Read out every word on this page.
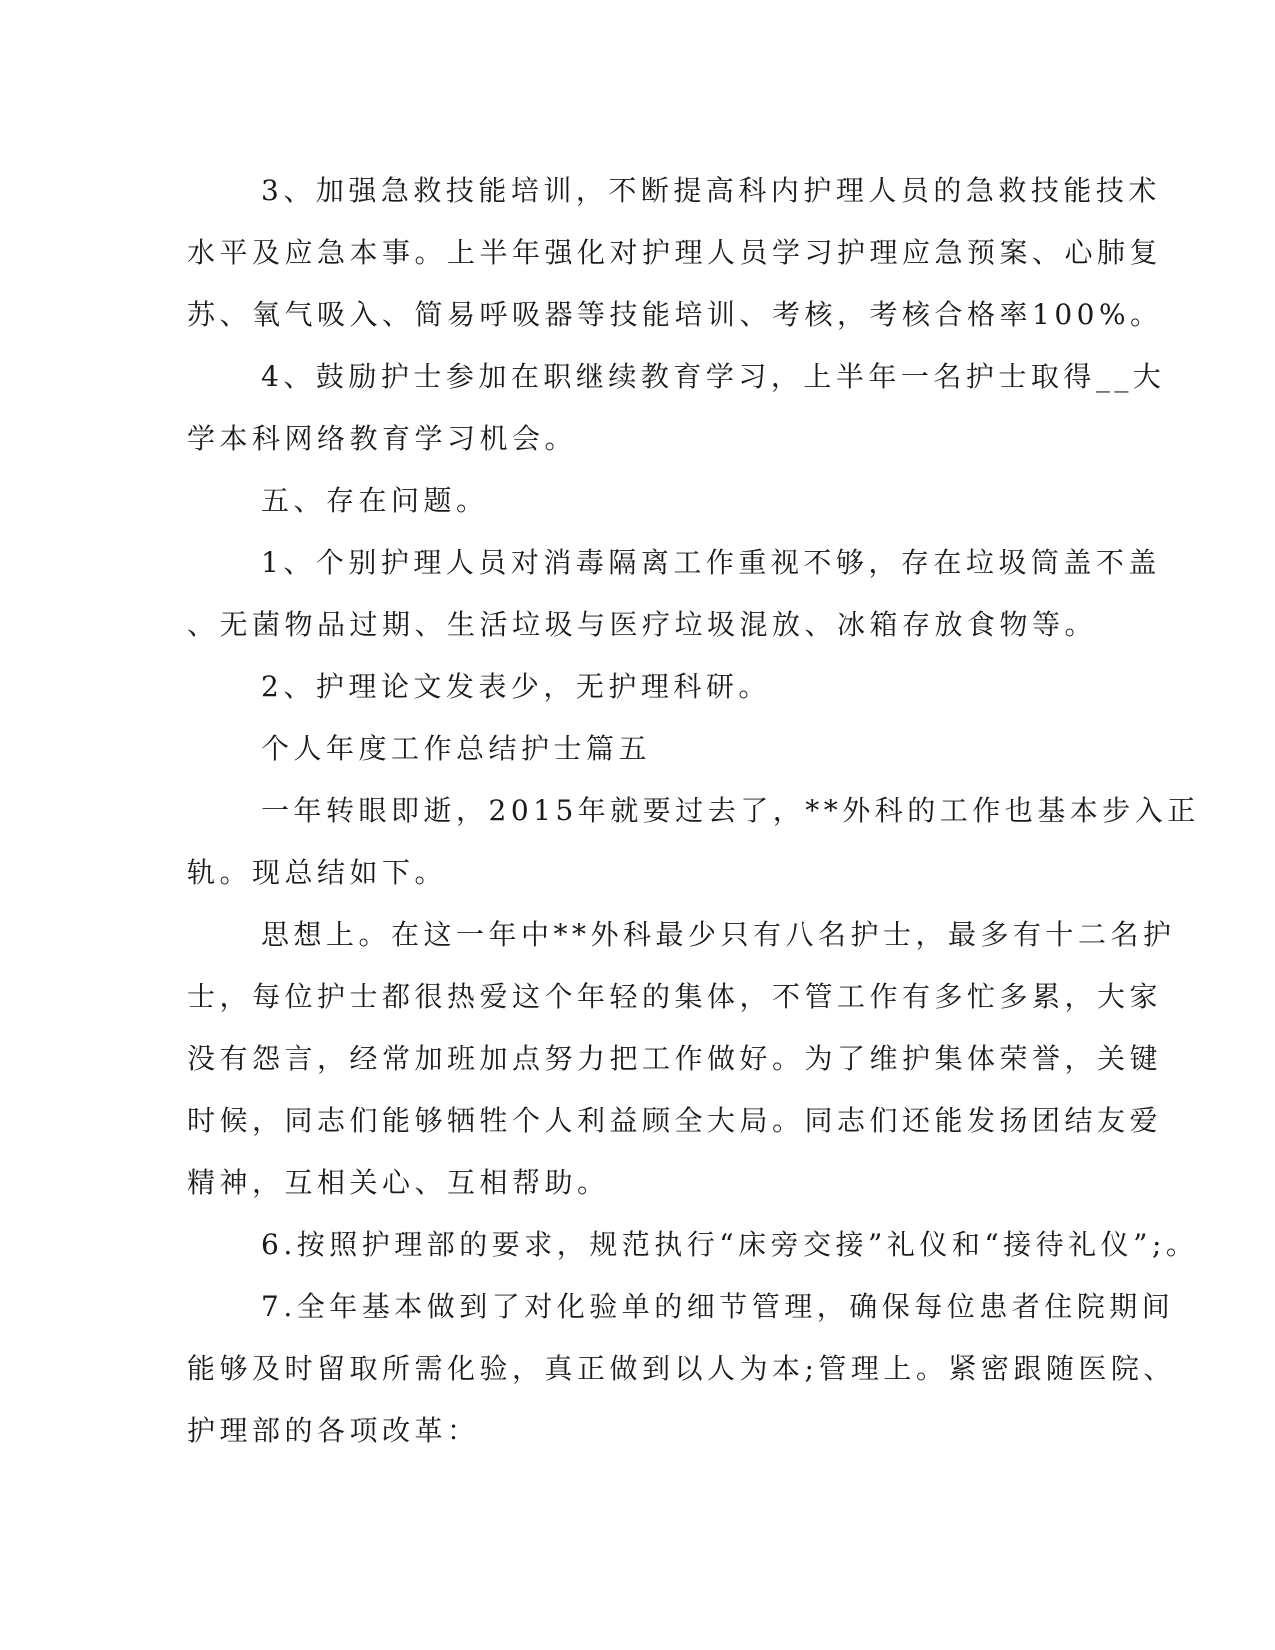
3、加强急救技能培训，不断提高科内护理人员的急救技能技术
水平及应急本事。上半年强化对护理人员学习护理应急预案、心肺复
苏、氧气吸入、简易呼吸器等技能培训、考核，考核合格率100%。
4、鼓励护士参加在职继续教育学习，上半年一名护士取得__大
学本科网络教育学习机会。
五、存在问题。
1、个别护理人员对消毒隔离工作重视不够，存在垃圾筒盖不盖
、无菌物品过期、生活垃圾与医疗垃圾混放、冰箱存放食物等。
2、护理论文发表少，无护理科研。
个人年度工作总结护士篇五
一年转眼即逝，2015年就要过去了，**外科的工作也基本步入正
轨。现总结如下。
思想上。在这一年中**外科最少只有八名护士，最多有十二名护
士，每位护士都很热爱这个年轻的集体，不管工作有多忙多累，大家
没有怨言，经常加班加点努力把工作做好。为了维护集体荣誉，关键
时候，同志们能够牺牲个人利益顾全大局。同志们还能发扬团结友爱
精神，互相关心、互相帮助。
6.按照护理部的要求，规范执行“床旁交接”礼仪和“接待礼仪”;。
7.全年基本做到了对化验单的细节管理，确保每位患者住院期间
能够及时留取所需化验，真正做到以人为本;管理上。紧密跟随医院、
护理部的各项改革：
